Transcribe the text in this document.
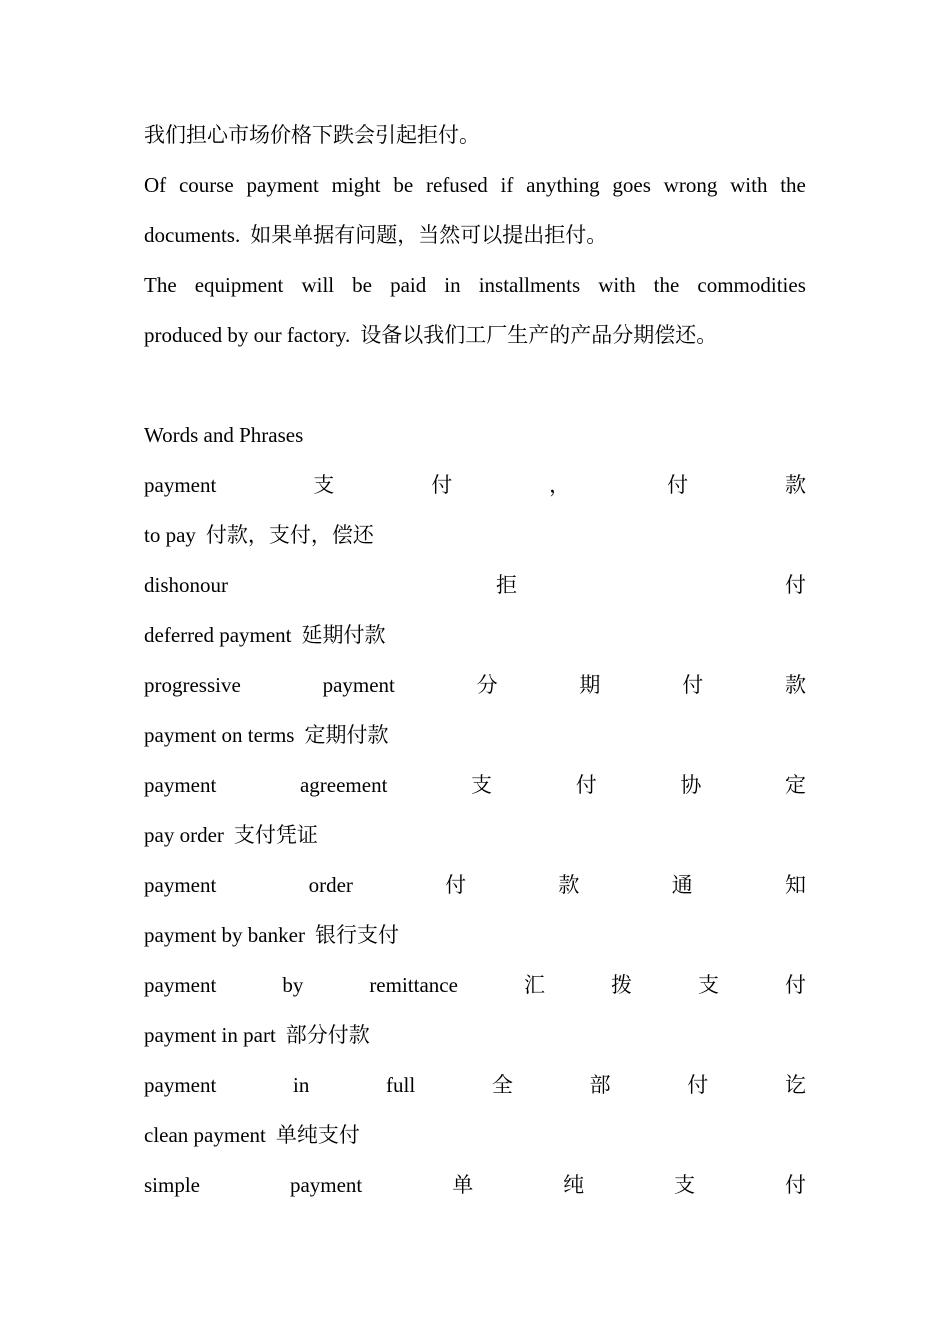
我们担心市场价格下跌会引起拒付。
Of course payment might be refused if anything goes wrong with the
documents. 如果单据有问题，当然可以提出拒付。
The equipment will be paid in installments with the commodities
produced by our factory. 设备以我们工厂生产的产品分期偿还。
Words and Phrases
payment	支	付	，	付	款
to pay 付款，支付，偿还
dishonour	拒	付
deferred payment 延期付款
progressive	payment	分	期	付	款
payment on terms 定期付款
payment	agreement	支	付	协	定
pay order 支付凭证
payment	order	付	款	通	知
payment by banker 银行支付
payment	by	remittance	汇	拨	支	付
payment in part 部分付款
payment	in	full	全	部	付	讫
clean payment 单纯支付
simple	payment	单	纯	支	付
